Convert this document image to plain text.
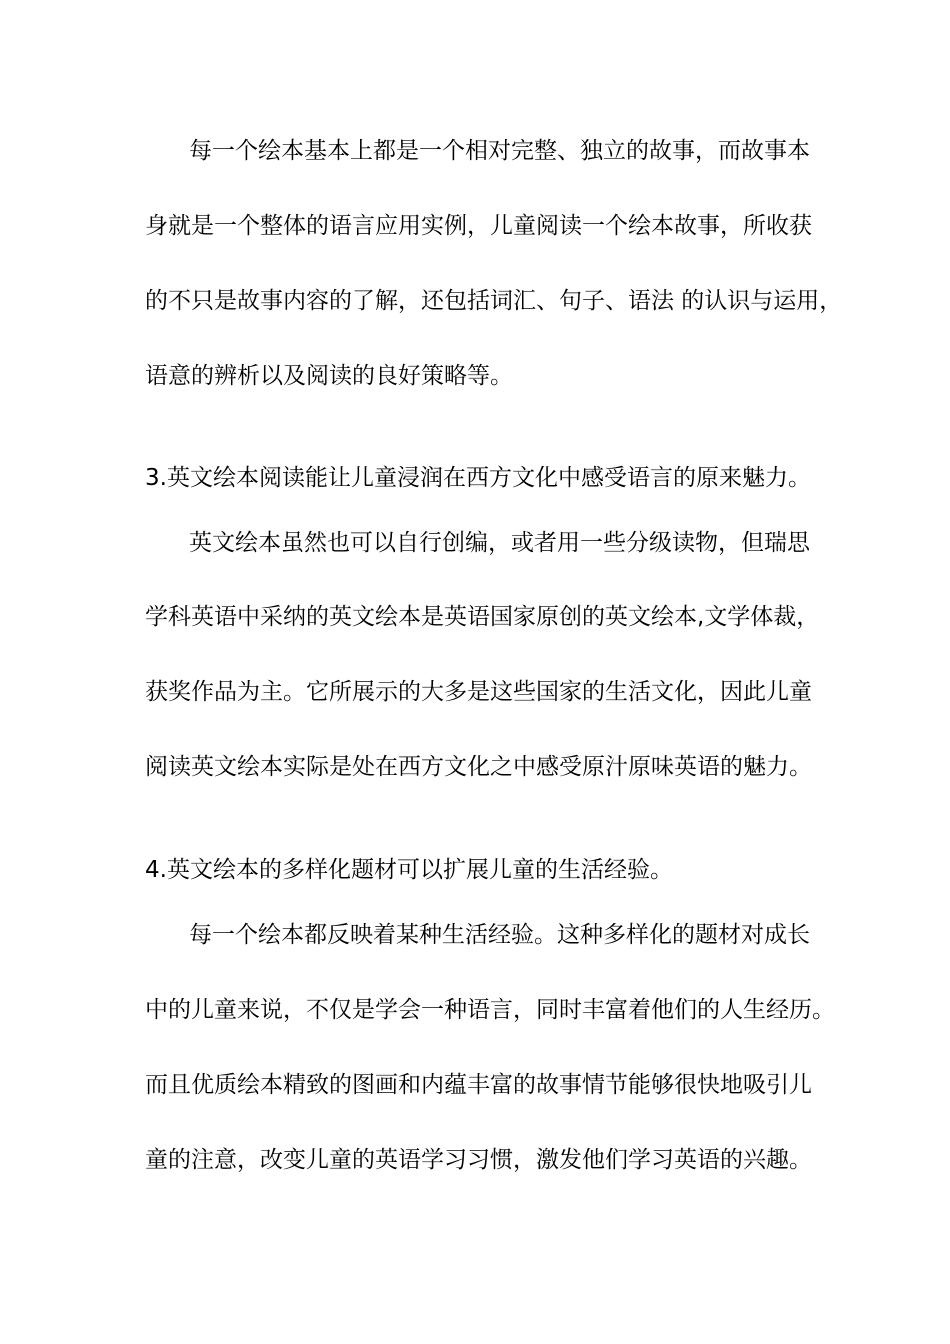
每一个绘本基本上都是一个相对完整、独立的故事，而故事本
身就是一个整体的语言应用实例，儿童阅读一个绘本故事，所收获
的不只是故事内容的了解，还包括词汇、句子、语法 的认识与运用，
语意的辨析以及阅读的良好策略等。
3.英文绘本阅读能让儿童浸润在西方文化中感受语言的原来魅力。
英文绘本虽然也可以自行创编，或者用一些分级读物，但瑞思
学科英语中采纳的英文绘本是英语国家原创的英文绘本,文学体裁，
获奖作品为主。它所展示的大多是这些国家的生活文化，因此儿童
阅读英文绘本实际是处在西方文化之中感受原汁原味英语的魅力。
4.英文绘本的多样化题材可以扩展儿童的生活经验。
每一个绘本都反映着某种生活经验。这种多样化的题材对成长
中的儿童来说，不仅是学会一种语言，同时丰富着他们的人生经历。
而且优质绘本精致的图画和内蕴丰富的故事情节能够很快地吸引儿
童的注意，改变儿童的英语学习习惯，激发他们学习英语的兴趣。
